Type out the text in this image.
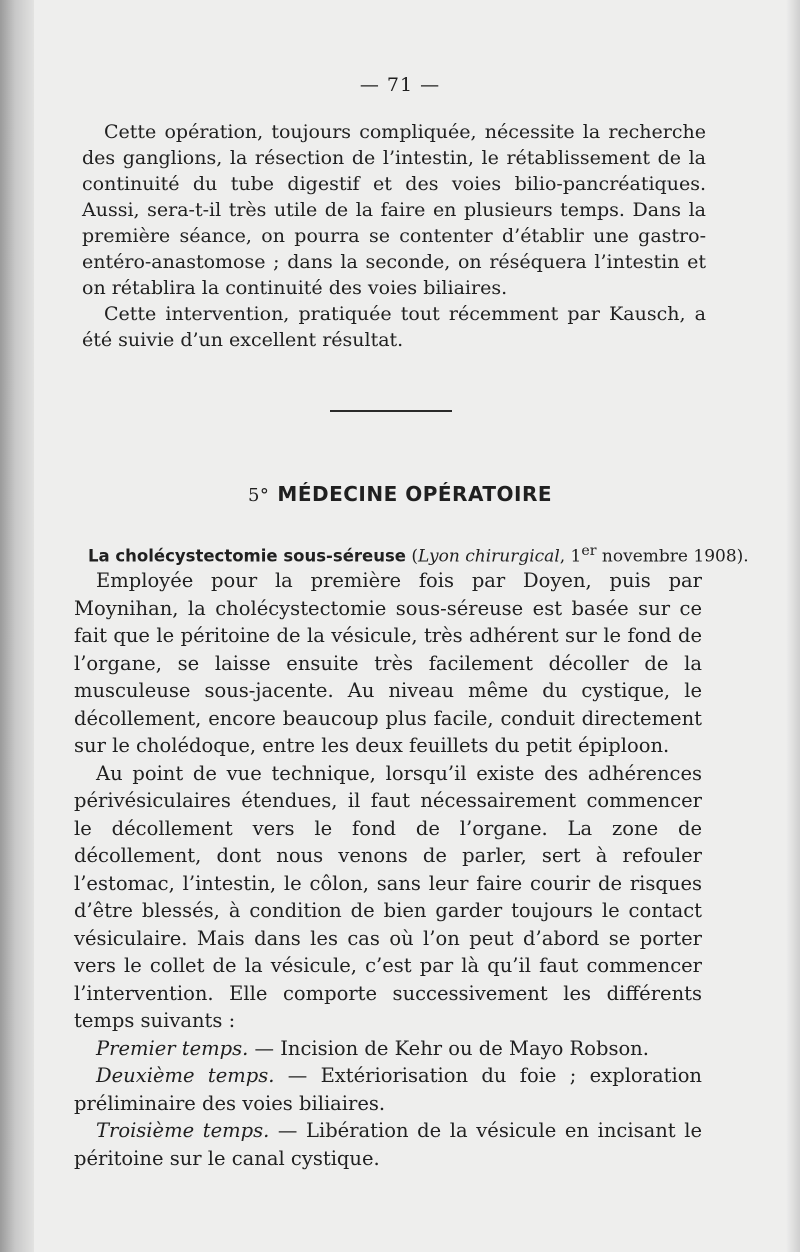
— 71 —

Cette opération, toujours compliquée, nécessite la recherche des ganglions, la résection de l’intestin, le rétablissement de la continuité du tube digestif et des voies bilio-pancréatiques. Aussi, sera-t-il très utile de la faire en plusieurs temps. Dans la première séance, on pourra se contenter d’établir une gastro-entéro-anastomose ; dans la seconde, on réséquera l’intestin et on rétablira la continuité des voies biliaires.

Cette intervention, pratiquée tout récemment par Kausch, a été suivie d’un excellent résultat.

5° MÉDECINE OPÉRATOIRE
La cholécystectomie sous-séreuse (Lyon chirurgical, 1er novembre 1908).

Employée pour la première fois par Doyen, puis par Moynihan, la cholécystectomie sous-séreuse est basée sur ce fait que le péritoine de la vésicule, très adhérent sur le fond de l’organe, se laisse ensuite très facilement décoller de la musculeuse sous-jacente. Au niveau même du cystique, le décollement, encore beaucoup plus facile, conduit directement sur le cholédoque, entre les deux feuillets du petit épiploon.

Au point de vue technique, lorsqu’il existe des adhérences périvésiculaires étendues, il faut nécessairement commencer le décollement vers le fond de l’organe. La zone de décollement, dont nous venons de parler, sert à refouler l’estomac, l’intestin, le côlon, sans leur faire courir de risques d’être blessés, à condition de bien garder toujours le contact vésiculaire. Mais dans les cas où l’on peut d’abord se porter vers le collet de la vésicule, c’est par là qu’il faut commencer l’intervention. Elle comporte successivement les différents temps suivants :

Premier temps. — Incision de Kehr ou de Mayo Robson.

Deuxième temps. — Extériorisation du foie ; exploration préliminaire des voies biliaires.

Troisième temps. — Libération de la vésicule en incisant le péritoine sur le canal cystique.
